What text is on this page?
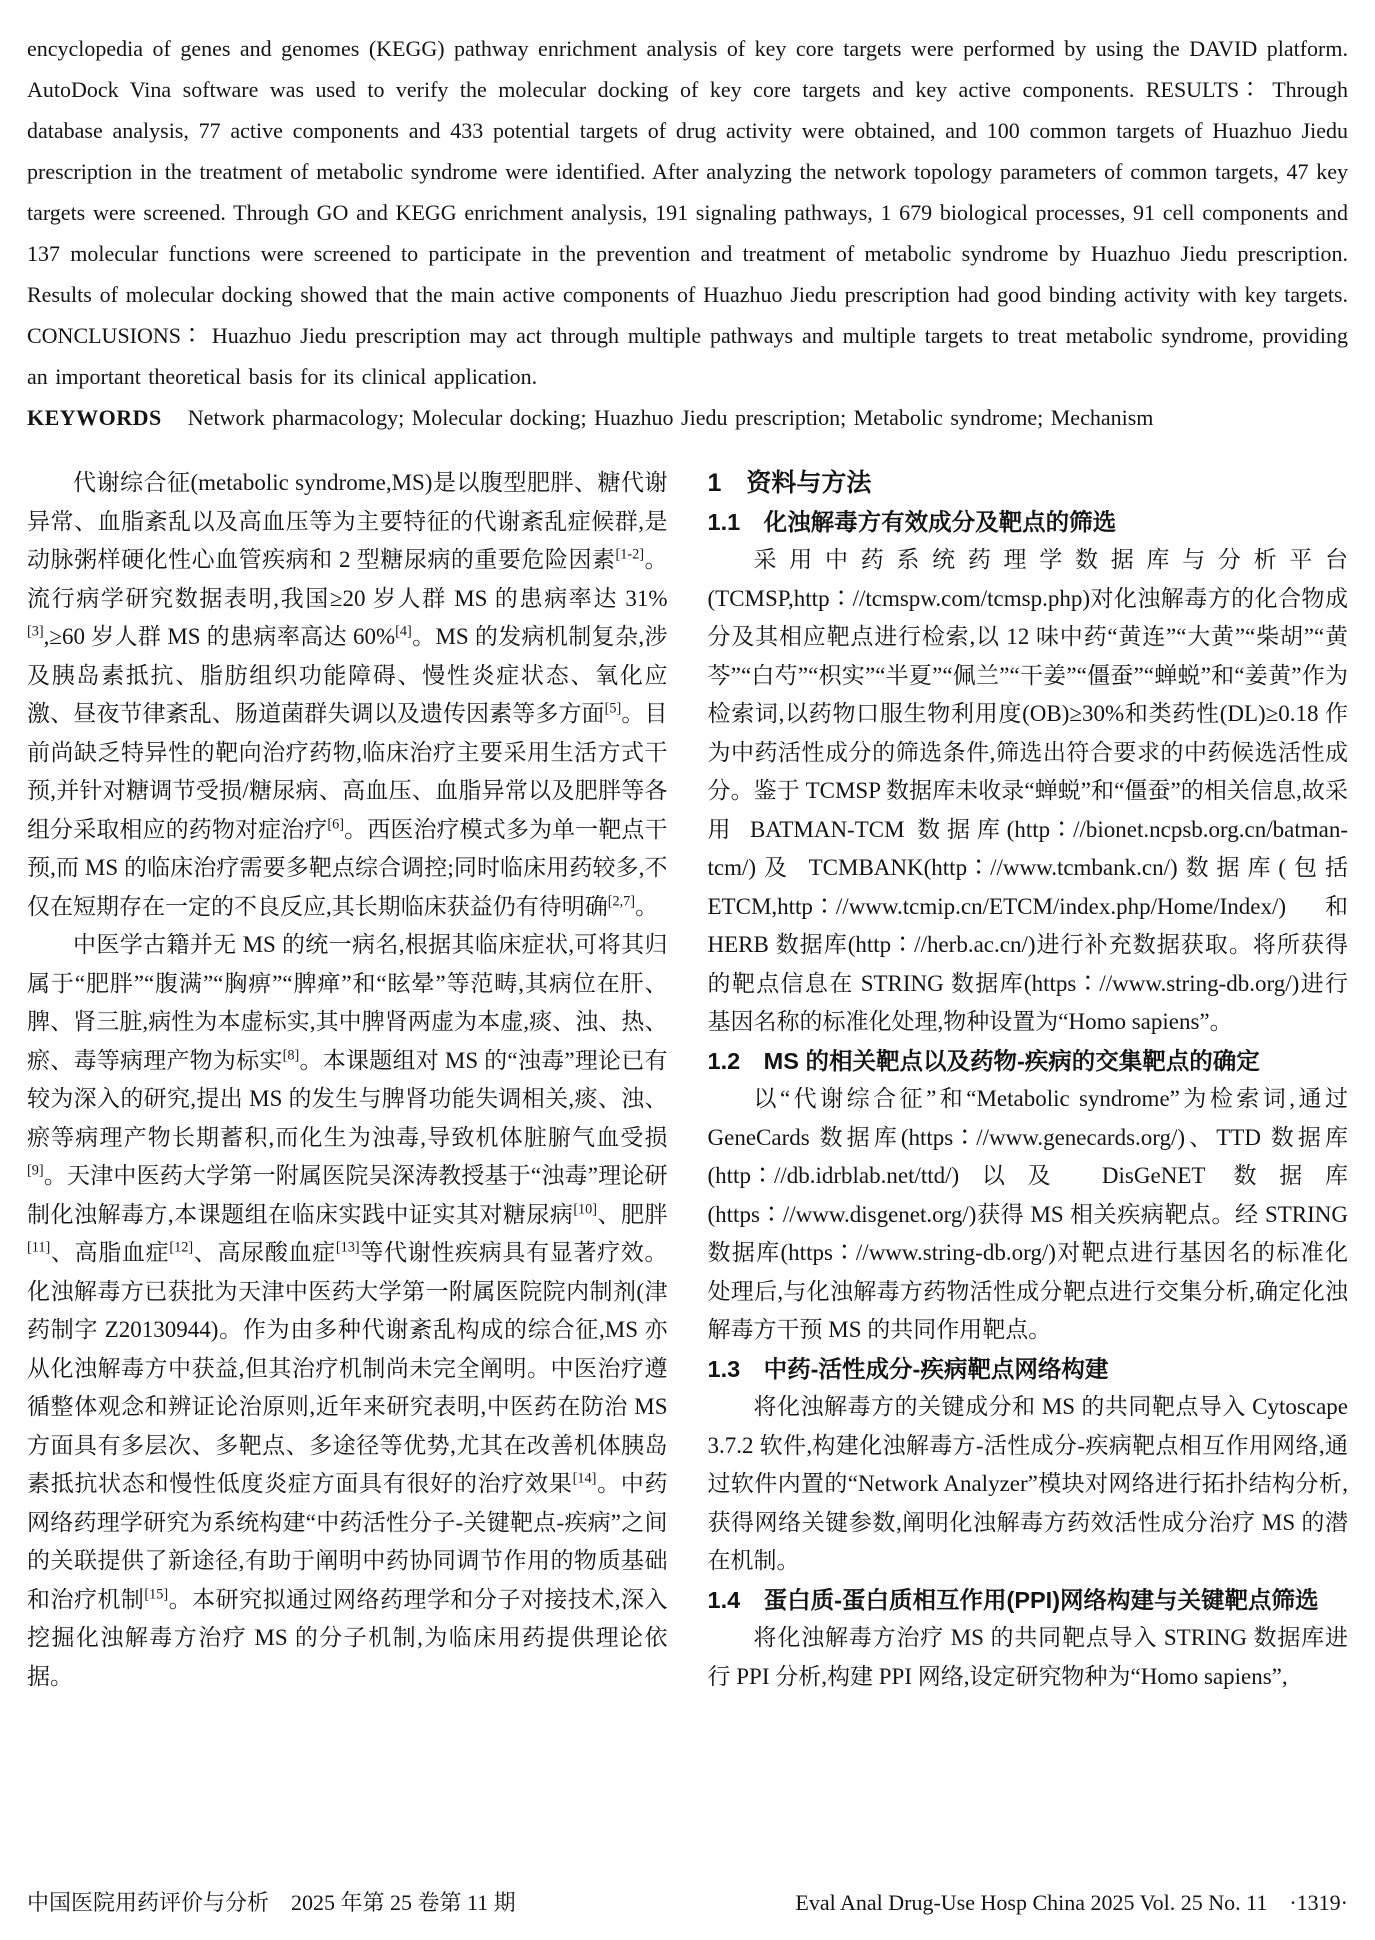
encyclopedia of genes and genomes (KEGG) pathway enrichment analysis of key core targets were performed by using the DAVID platform. AutoDock Vina software was used to verify the molecular docking of key core targets and key active components. RESULTS∶ Through database analysis, 77 active components and 433 potential targets of drug activity were obtained, and 100 common targets of Huazhuo Jiedu prescription in the treatment of metabolic syndrome were identified. After analyzing the network topology parameters of common targets, 47 key targets were screened. Through GO and KEGG enrichment analysis, 191 signaling pathways, 1 679 biological processes, 91 cell components and 137 molecular functions were screened to participate in the prevention and treatment of metabolic syndrome by Huazhuo Jiedu prescription. Results of molecular docking showed that the main active components of Huazhuo Jiedu prescription had good binding activity with key targets. CONCLUSIONS∶ Huazhuo Jiedu prescription may act through multiple pathways and multiple targets to treat metabolic syndrome, providing an important theoretical basis for its clinical application.

KEYWORDS Network pharmacology; Molecular docking; Huazhuo Jiedu prescription; Metabolic syndrome; Mechanism

代谢综合征(metabolic syndrome,MS)是以腹型肥胖、糖代谢异常、血脂紊乱以及高血压等为主要特征的代谢紊乱症候群,是动脉粥样硬化性心血管疾病和 2 型糖尿病的重要危险因素[1-2]。流行病学研究数据表明,我国≥20 岁人群 MS 的患病率达 31%[3],≥60 岁人群 MS 的患病率高达 60%[4]。MS 的发病机制复杂,涉及胰岛素抵抗、脂肪组织功能障碍、慢性炎症状态、氧化应激、昼夜节律紊乱、肠道菌群失调以及遗传因素等多方面[5]。目前尚缺乏特异性的靶向治疗药物,临床治疗主要采用生活方式干预,并针对糖调节受损/糖尿病、高血压、血脂异常以及肥胖等各组分采取相应的药物对症治疗[6]。西医治疗模式多为单一靶点干预,而 MS 的临床治疗需要多靶点综合调控;同时临床用药较多,不仅在短期存在一定的不良反应,其长期临床获益仍有待明确[2,7]。

中医学古籍并无 MS 的统一病名,根据其临床症状,可将其归属于“肥胖”“腹满”“胸痹”“脾瘅”和“眩晕”等范畴,其病位在肝、脾、肾三脏,病性为本虚标实,其中脾肾两虚为本虚,痰、浊、热、瘀、毒等病理产物为标实[8]。本课题组对 MS 的“浊毒”理论已有较为深入的研究,提出 MS 的发生与脾肾功能失调相关,痰、浊、瘀等病理产物长期蓄积,而化生为浊毒,导致机体脏腑气血受损[9]。天津中医药大学第一附属医院吴深涛教授基于“浊毒”理论研制化浊解毒方,本课题组在临床实践中证实其对糖尿病[10]、肥胖[11]、高脂血症[12]、高尿酸血症[13]等代谢性疾病具有显著疗效。化浊解毒方已获批为天津中医药大学第一附属医院院内制剂(津药制字 Z20130944)。作为由多种代谢紊乱构成的综合征,MS 亦从化浊解毒方中获益,但其治疗机制尚未完全阐明。中医治疗遵循整体观念和辨证论治原则,近年来研究表明,中医药在防治 MS 方面具有多层次、多靶点、多途径等优势,尤其在改善机体胰岛素抵抗状态和慢性低度炎症方面具有很好的治疗效果[14]。中药网络药理学研究为系统构建“中药活性分子-关键靶点-疾病”之间的关联提供了新途径,有助于阐明中药协同调节作用的物质基础和治疗机制[15]。本研究拟通过网络药理学和分子对接技术,深入挖掘化浊解毒方治疗 MS 的分子机制,为临床用药提供理论依据。

1　资料与方法
1.1　化浊解毒方有效成分及靶点的筛选

采用中药系统药理学数据库与分析平台(TCMSP,http∶//tcmspw.com/tcmsp.php)对化浊解毒方的化合物成分及其相应靶点进行检索,以 12 味中药“黄连”“大黄”“柴胡”“黄芩”“白芍”“枳实”“半夏”“佩兰”“干姜”“僵蚕”“蝉蜕”和“姜黄”作为检索词,以药物口服生物利用度(OB)≥30%和类药性(DL)≥0.18 作为中药活性成分的筛选条件,筛选出符合要求的中药候选活性成分。鉴于 TCMSP 数据库未收录“蝉蜕”和“僵蚕”的相关信息,故采用 BATMAN-TCM 数据库(http∶//bionet.ncpsb.org.cn/batman-tcm/)及 TCMBANK(http∶//www.tcmbank.cn/)数据库(包括 ETCM,http∶//www.tcmip.cn/ETCM/index.php/Home/Index/)和 HERB 数据库(http∶//herb.ac.cn/)进行补充数据获取。将所获得的靶点信息在 STRING 数据库(https∶//www.string-db.org/)进行基因名称的标准化处理,物种设置为“Homo sapiens”。

1.2　MS 的相关靶点以及药物-疾病的交集靶点的确定

以“代谢综合征”和“Metabolic syndrome”为检索词,通过 GeneCards 数据库(https∶//www.genecards.org/)、TTD 数据库(http∶//db.idrblab.net/ttd/)以及 DisGeNET 数据库(https∶//www.disgenet.org/)获得 MS 相关疾病靶点。经 STRING 数据库(https∶//www.string-db.org/)对靶点进行基因名的标准化处理后,与化浊解毒方药物活性成分靶点进行交集分析,确定化浊解毒方干预 MS 的共同作用靶点。

1.3　中药-活性成分-疾病靶点网络构建

将化浊解毒方的关键成分和 MS 的共同靶点导入 Cytoscape 3.7.2 软件,构建化浊解毒方-活性成分-疾病靶点相互作用网络,通过软件内置的“Network Analyzer”模块对网络进行拓扑结构分析,获得网络关键参数,阐明化浊解毒方药效活性成分治疗 MS 的潜在机制。

1.4　蛋白质-蛋白质相互作用(PPI)网络构建与关键靶点筛选

将化浊解毒方治疗 MS 的共同靶点导入 STRING 数据库进行 PPI 分析,构建 PPI 网络,设定研究物种为“Homo sapiens”,

中国医院用药评价与分析　2025 年第 25 卷第 11 期	Eval Anal Drug-Use Hosp China 2025 Vol. 25 No. 11　·1319·
